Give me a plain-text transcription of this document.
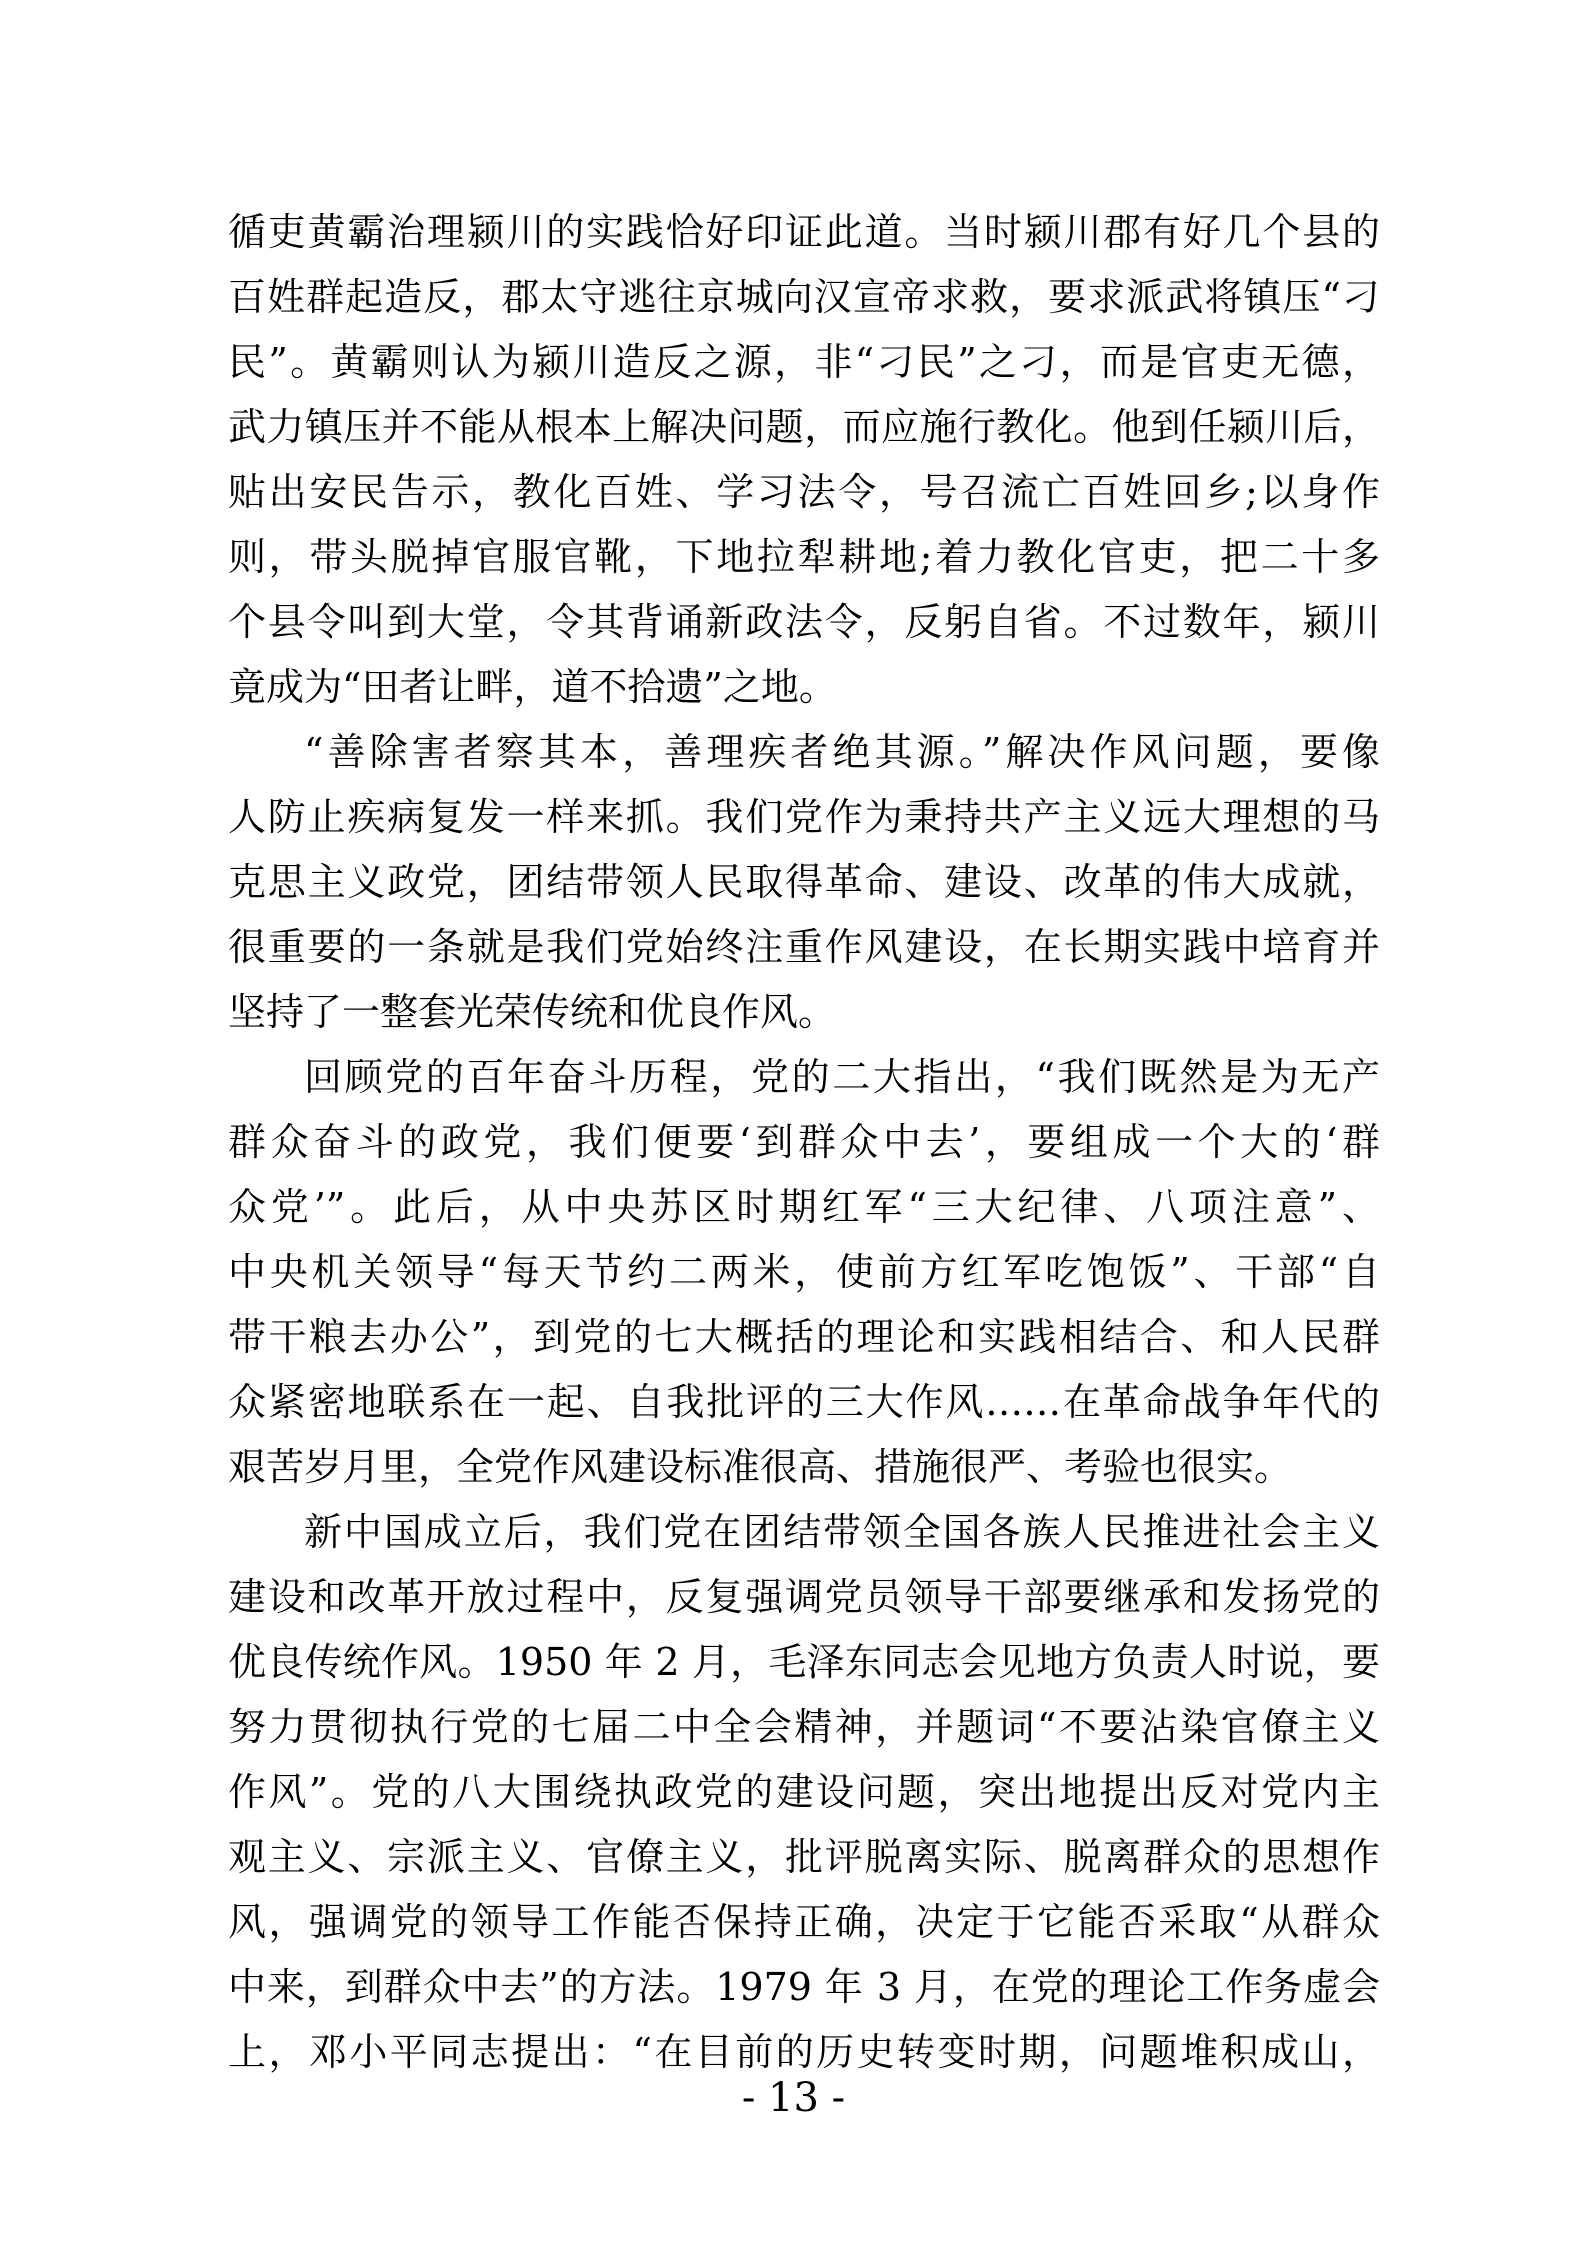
循吏黄霸治理颍川的实践恰好印证此道。当时颍川郡有好几个县的
百姓群起造反，郡太守逃往京城向汉宣帝求救，要求派武将镇压“刁
民”。黄霸则认为颍川造反之源，非“刁民”之刁，而是官吏无德，
武力镇压并不能从根本上解决问题，而应施行教化。他到任颍川后，
贴出安民告示，教化百姓、学习法令，号召流亡百姓回乡;以身作
则，带头脱掉官服官靴，下地拉犁耕地;着力教化官吏，把二十多
个县令叫到大堂，令其背诵新政法令，反躬自省。不过数年，颍川
竟成为“田者让畔，道不拾遗”之地。
“善除害者察其本，善理疾者绝其源。”解决作风问题，要像
人防止疾病复发一样来抓。我们党作为秉持共产主义远大理想的马
克思主义政党，团结带领人民取得革命、建设、改革的伟大成就，
很重要的一条就是我们党始终注重作风建设，在长期实践中培育并
坚持了一整套光荣传统和优良作风。
回顾党的百年奋斗历程，党的二大指出，“我们既然是为无产
群众奋斗的政党，我们便要‘到群众中去’，要组成一个大的‘群
众党’”。此后，从中央苏区时期红军“三大纪律、八项注意”、
中央机关领导“每天节约二两米，使前方红军吃饱饭”、干部“自
带干粮去办公”，到党的七大概括的理论和实践相结合、和人民群
众紧密地联系在一起、自我批评的三大作风……在革命战争年代的
艰苦岁月里，全党作风建设标准很高、措施很严、考验也很实。
新中国成立后，我们党在团结带领全国各族人民推进社会主义
建设和改革开放过程中，反复强调党员领导干部要继承和发扬党的
优良传统作风。1950 年 2 月，毛泽东同志会见地方负责人时说，要
努力贯彻执行党的七届二中全会精神，并题词“不要沾染官僚主义
作风”。党的八大围绕执政党的建设问题，突出地提出反对党内主
观主义、宗派主义、官僚主义，批评脱离实际、脱离群众的思想作
风，强调党的领导工作能否保持正确，决定于它能否采取“从群众
中来，到群众中去”的方法。1979 年 3 月，在党的理论工作务虚会
上，邓小平同志提出：“在目前的历史转变时期，问题堆积成山，
- 13 -
